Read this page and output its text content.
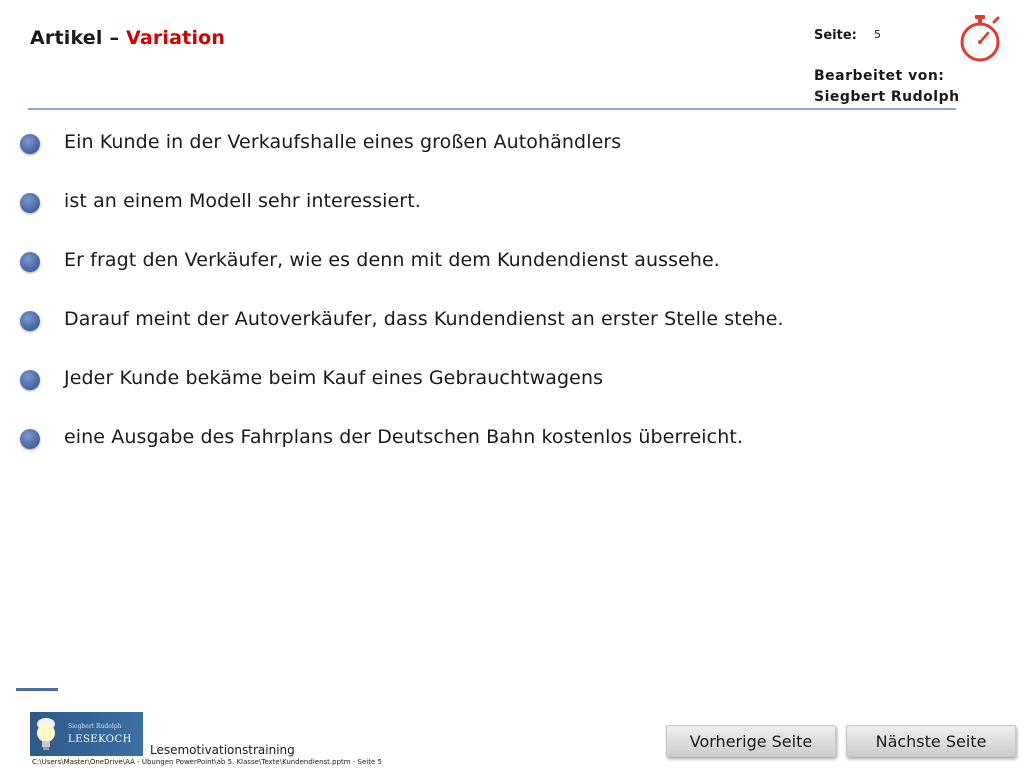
Artikel – Variation	Seite: 5
Bearbeitet von:
Siegbert Rudolph
Ein Kunde in der Verkaufshalle eines großen Autohändlers
ist an einem Modell sehr interessiert.
Er fragt den Verkäufer, wie es denn mit dem Kundendienst aussehe.
Darauf meint der Autoverkäufer, dass Kundendienst an erster Stelle stehe.
Jeder Kunde bekäme beim Kauf eines Gebrauchtwagens
eine Ausgabe des Fahrplans der Deutschen Bahn kostenlos überreicht.
Siegbert Rudolph
LESEKOCH
Lesemotivationstraining
C:\Users\Master\OneDrive\AA - Übungen PowerPoint\ab 5. Klasse\Texte\Kundendienst.pptm - Seite 5
Vorherige Seite	Nächste Seite
